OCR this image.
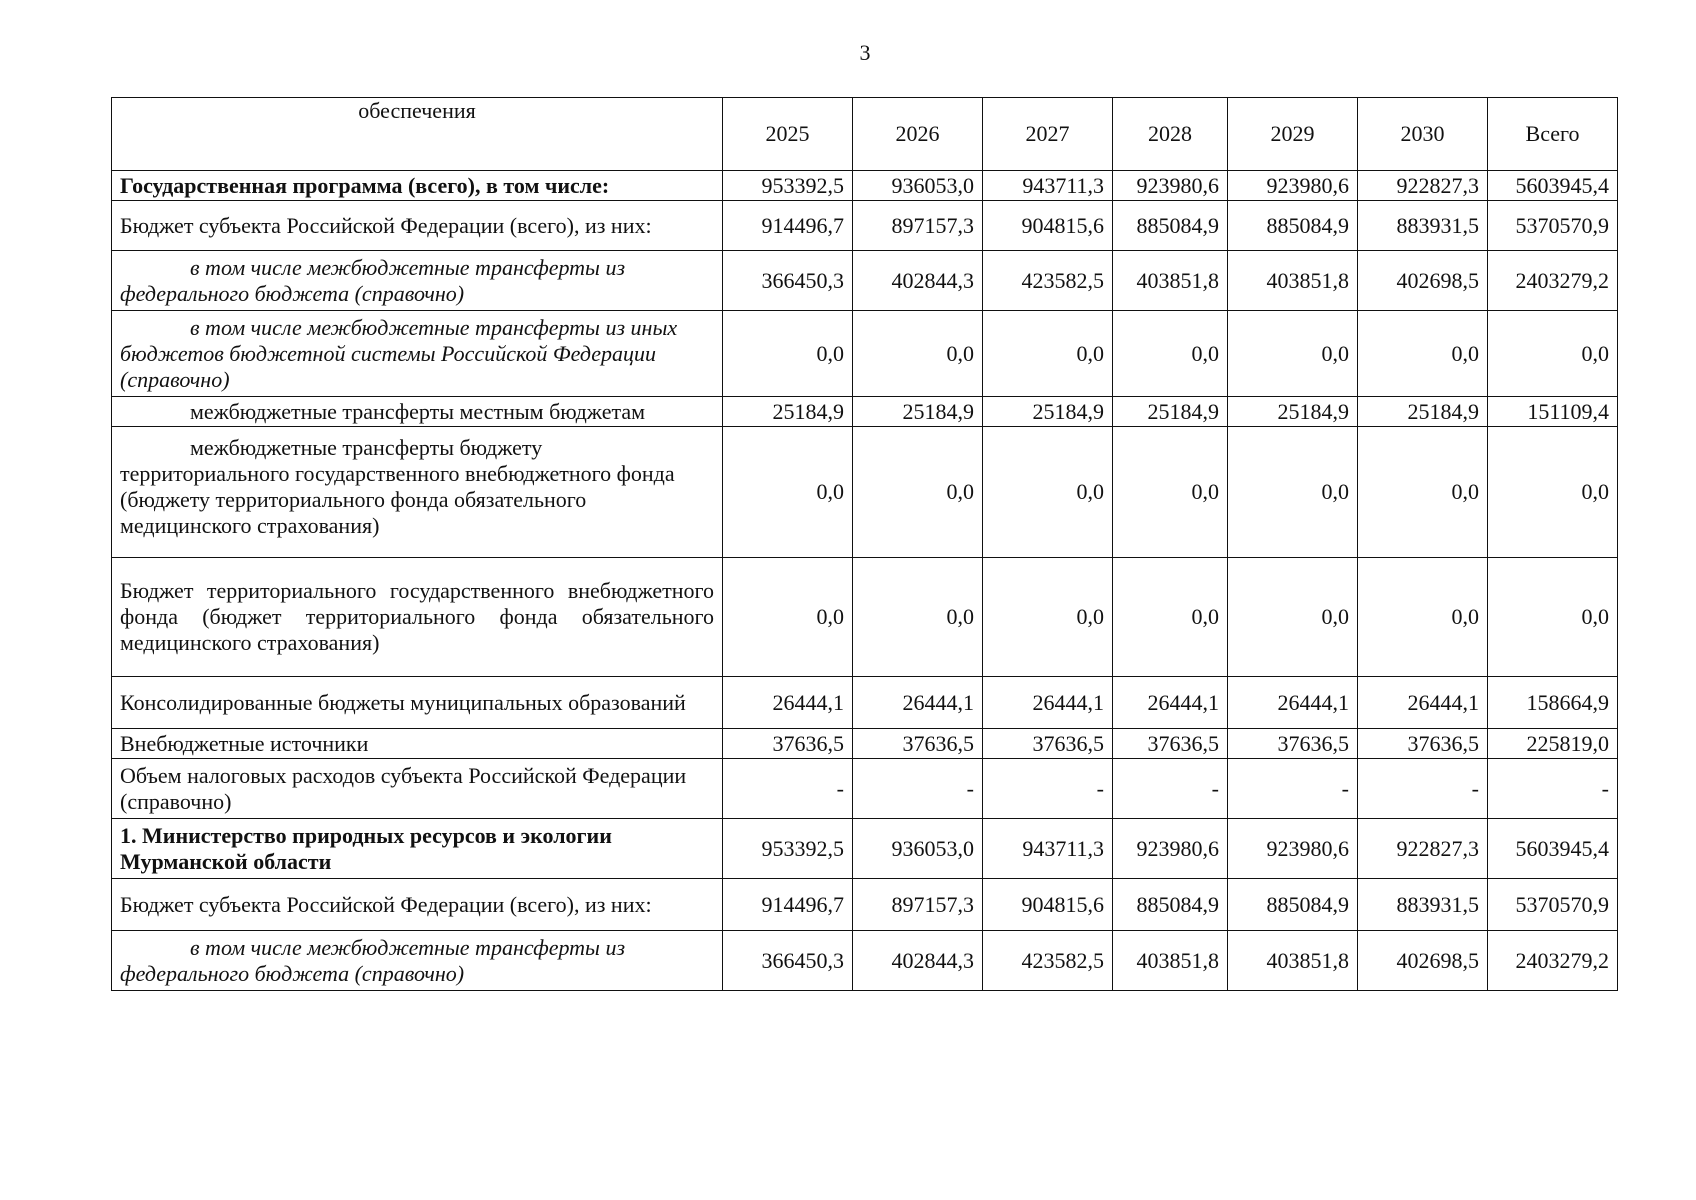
3
обеспечения	2025	2026	2027	2028	2029	2030	Всего
Государственная программа (всего), в том числе:	953392,5	936053,0	943711,3	923980,6	923980,6	922827,3	5603945,4
Бюджет субъекта Российской Федерации (всего), из них:	914496,7	897157,3	904815,6	885084,9	885084,9	883931,5	5370570,9
в том числе межбюджетные трансферты из федерального бюджета (справочно)	366450,3	402844,3	423582,5	403851,8	403851,8	402698,5	2403279,2
в том числе межбюджетные трансферты из иных бюджетов бюджетной системы Российской Федерации (справочно)	0,0	0,0	0,0	0,0	0,0	0,0	0,0
межбюджетные трансферты местным бюджетам	25184,9	25184,9	25184,9	25184,9	25184,9	25184,9	151109,4
межбюджетные трансферты бюджету территориального государственного внебюджетного фонда (бюджету территориального фонда обязательного медицинского страхования)	0,0	0,0	0,0	0,0	0,0	0,0	0,0
Бюджет территориального государственного внебюджетного фонда (бюджет территориального фонда обязательного медицинского страхования)	0,0	0,0	0,0	0,0	0,0	0,0	0,0
Консолидированные бюджеты муниципальных образований	26444,1	26444,1	26444,1	26444,1	26444,1	26444,1	158664,9
Внебюджетные источники	37636,5	37636,5	37636,5	37636,5	37636,5	37636,5	225819,0
Объем налоговых расходов субъекта Российской Федерации (справочно)	-	-	-	-	-	-	-
1. Министерство природных ресурсов и экологии Мурманской области	953392,5	936053,0	943711,3	923980,6	923980,6	922827,3	5603945,4
Бюджет субъекта Российской Федерации (всего), из них:	914496,7	897157,3	904815,6	885084,9	885084,9	883931,5	5370570,9
в том числе межбюджетные трансферты из федерального бюджета (справочно)	366450,3	402844,3	423582,5	403851,8	403851,8	402698,5	2403279,2
